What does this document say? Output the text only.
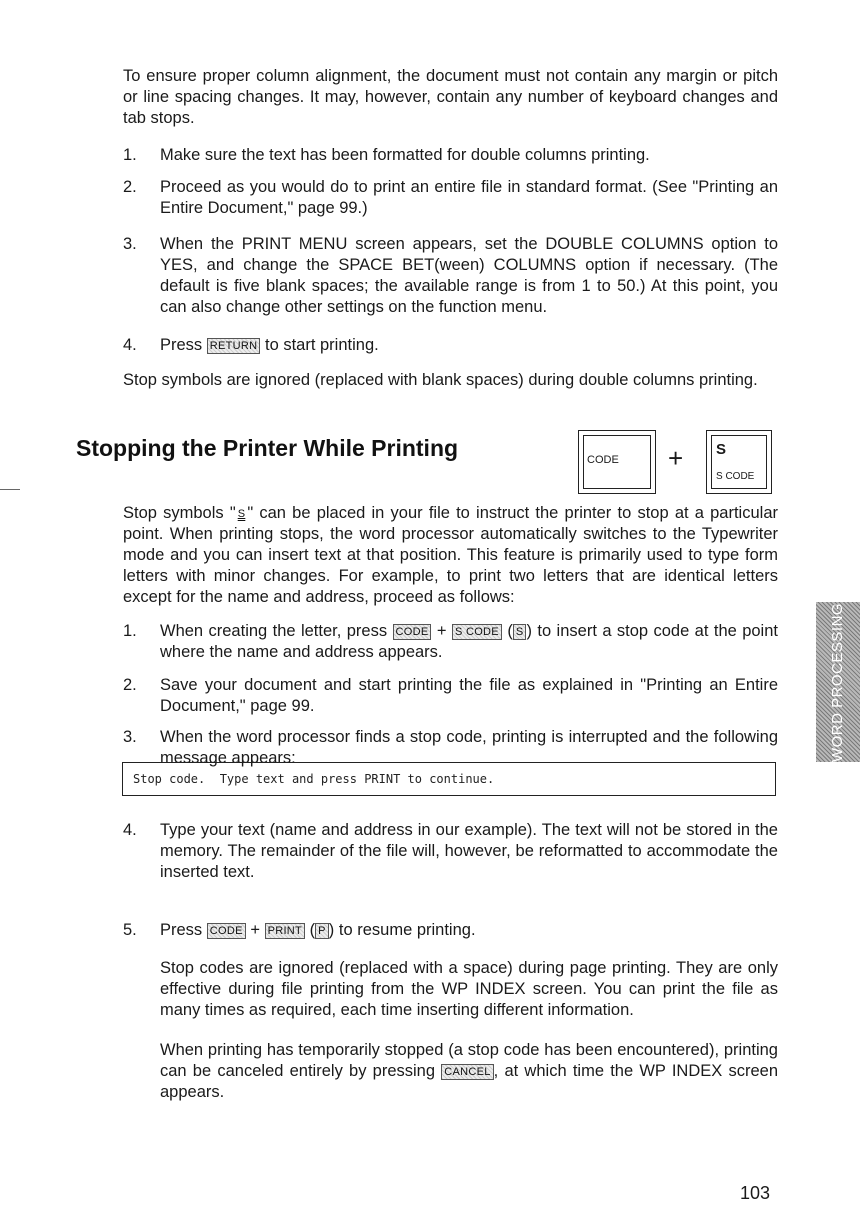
To ensure proper column alignment, the document must not contain any margin or pitch or line spacing changes. It may, however, contain any number of keyboard changes and tab stops.
1.	Make sure the text has been formatted for double columns printing.
2.	Proceed as you would do to print an entire file in standard format. (See "Printing an Entire Document," page 99.)
3.	When the PRINT MENU screen appears, set the DOUBLE COLUMNS option to YES, and change the SPACE BET(ween) COLUMNS option if necessary. (The default is five blank spaces; the available range is from 1 to 50.) At this point, you can also change other settings on the function menu.
4.	Press RETURN to start printing.
Stop symbols are ignored (replaced with blank spaces) during double columns printing.
Stopping the Printer While Printing	CODE + S
S CODE
Stop symbols " S " can be placed in your file to instruct the printer to stop at a particular point. When printing stops, the word processor automatically switches to the Typewriter mode and you can insert text at that position. This feature is primarily used to type form letters with minor changes. For example, to print two letters that are identical letters except for the name and address, proceed as follows:
1.	When creating the letter, press CODE + S CODE ( S ) to insert a stop code at the point where the name and address appears.
2.	Save your document and start printing the file as explained in "Printing an Entire Document," page 99.
3.	When the word processor finds a stop code, printing is interrupted and the following message appears:
Stop code.  Type text and press PRINT to continue.
4.	Type your text (name and address in our example). The text will not be stored in the memory. The remainder of the file will, however, be reformatted to accommodate the inserted text.
5.	Press CODE + PRINT ( P ) to resume printing.
Stop codes are ignored (replaced with a space) during page printing. They are only effective during file printing from the WP INDEX screen. You can print the file as many times as required, each time inserting different information.
When printing has temporarily stopped (a stop code has been encountered), printing can be canceled entirely by pressing CANCEL , at which time the WP INDEX screen appears.
WORD PROCESSING
103
